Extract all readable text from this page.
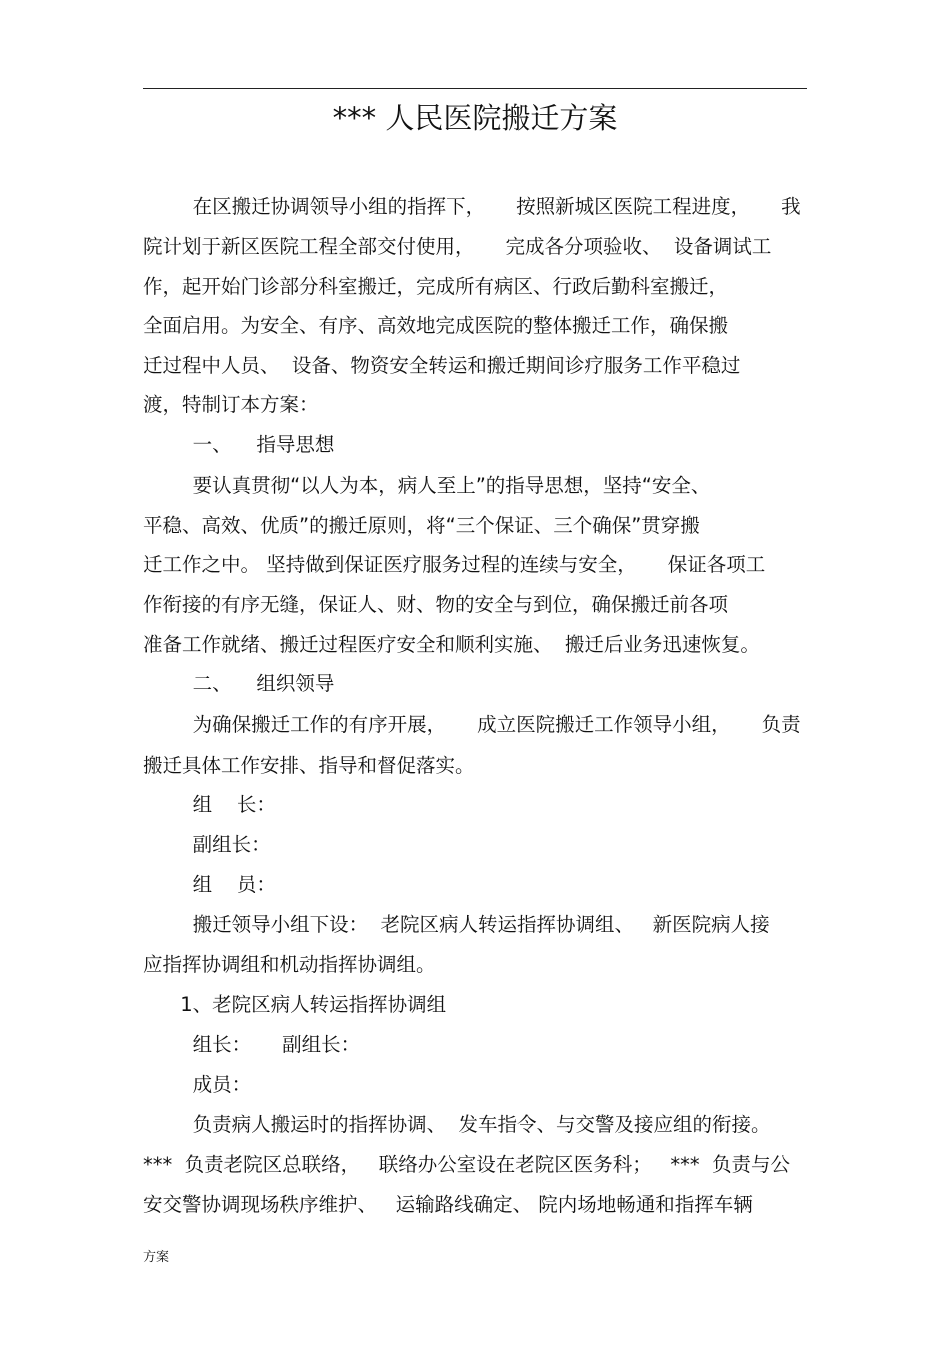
*** 人民医院搬迁方案
在区搬迁协调领导小组的指挥下，     按照新城区医院工程进度，     我
院计划于新区医院工程全部交付使用，     完成各分项验收、  设备调试工
作，起开始门诊部分科室搬迁，完成所有病区、行政后勤科室搬迁，
全面启用。为安全、有序、高效地完成医院的整体搬迁工作，确保搬
迁过程中人员、  设备、物资安全转运和搬迁期间诊疗服务工作平稳过
渡，特制订本方案：
一、    指导思想
要认真贯彻“以人为本，病人至上”的指导思想，坚持“安全、
平稳、高效、优质”的搬迁原则，将“三个保证、三个确保”贯穿搬
迁工作之中。 坚持做到保证医疗服务过程的连续与安全，     保证各项工
作衔接的有序无缝，保证人、财、物的安全与到位，确保搬迁前各项
准备工作就绪、搬迁过程医疗安全和顺利实施、  搬迁后业务迅速恢复。
二、    组织领导
为确保搬迁工作的有序开展，     成立医院搬迁工作领导小组，     负责
搬迁具体工作安排、指导和督促落实。
组    长：
副组长：
组    员：
搬迁领导小组下设：  老院区病人转运指挥协调组、   新医院病人接
应指挥协调组和机动指挥协调组。
1、老院区病人转运指挥协调组
组长：     副组长：
成员：
负责病人搬运时的指挥协调、  发车指令、与交警及接应组的衔接。
***  负责老院区总联络，   联络办公室设在老院区医务科；   ***  负责与公
安交警协调现场秩序维护、   运输路线确定、 院内场地畅通和指挥车辆
方案
